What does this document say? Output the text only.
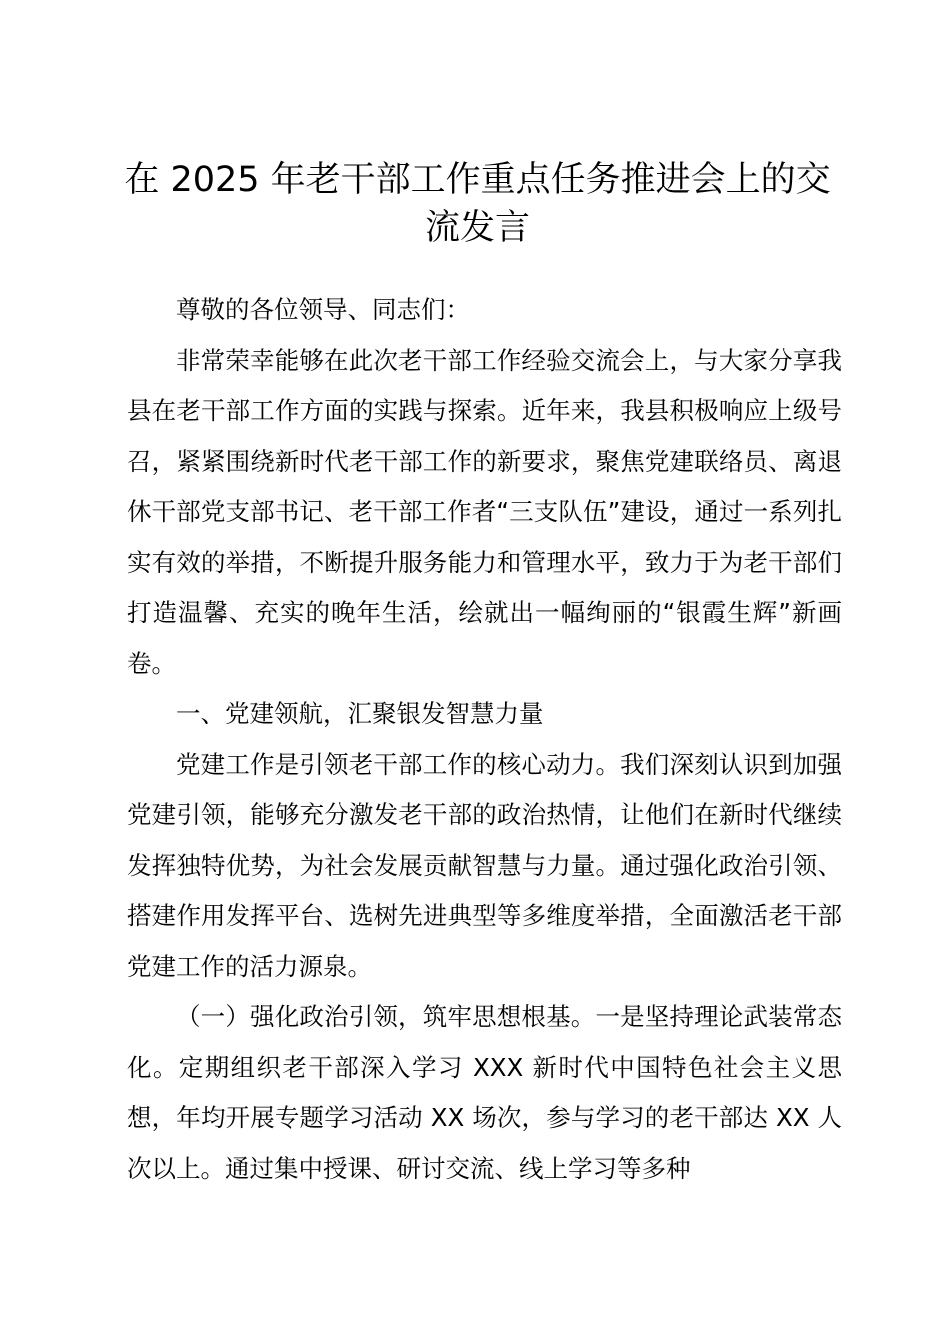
在 2025 年老干部工作重点任务推进会上的交流发言

尊敬的各位领导、同志们：

非常荣幸能够在此次老干部工作经验交流会上，与大家分享我县在老干部工作方面的实践与探索。近年来，我县积极响应上级号召，紧紧围绕新时代老干部工作的新要求，聚焦党建联络员、离退休干部党支部书记、老干部工作者“三支队伍”建设，通过一系列扎实有效的举措，不断提升服务能力和管理水平，致力于为老干部们打造温馨、充实的晚年生活，绘就出一幅绚丽的“银霞生辉”新画卷。

一、党建领航，汇聚银发智慧力量

党建工作是引领老干部工作的核心动力。我们深刻认识到加强党建引领，能够充分激发老干部的政治热情，让他们在新时代继续发挥独特优势，为社会发展贡献智慧与力量。通过强化政治引领、搭建作用发挥平台、选树先进典型等多维度举措，全面激活老干部党建工作的活力源泉。

（一）强化政治引领，筑牢思想根基。一是坚持理论武装常态化。定期组织老干部深入学习 XXX 新时代中国特色社会主义思想，年均开展专题学习活动 XX 场次，参与学习的老干部达 XX 人次以上。通过集中授课、研讨交流、线上学习等多种
